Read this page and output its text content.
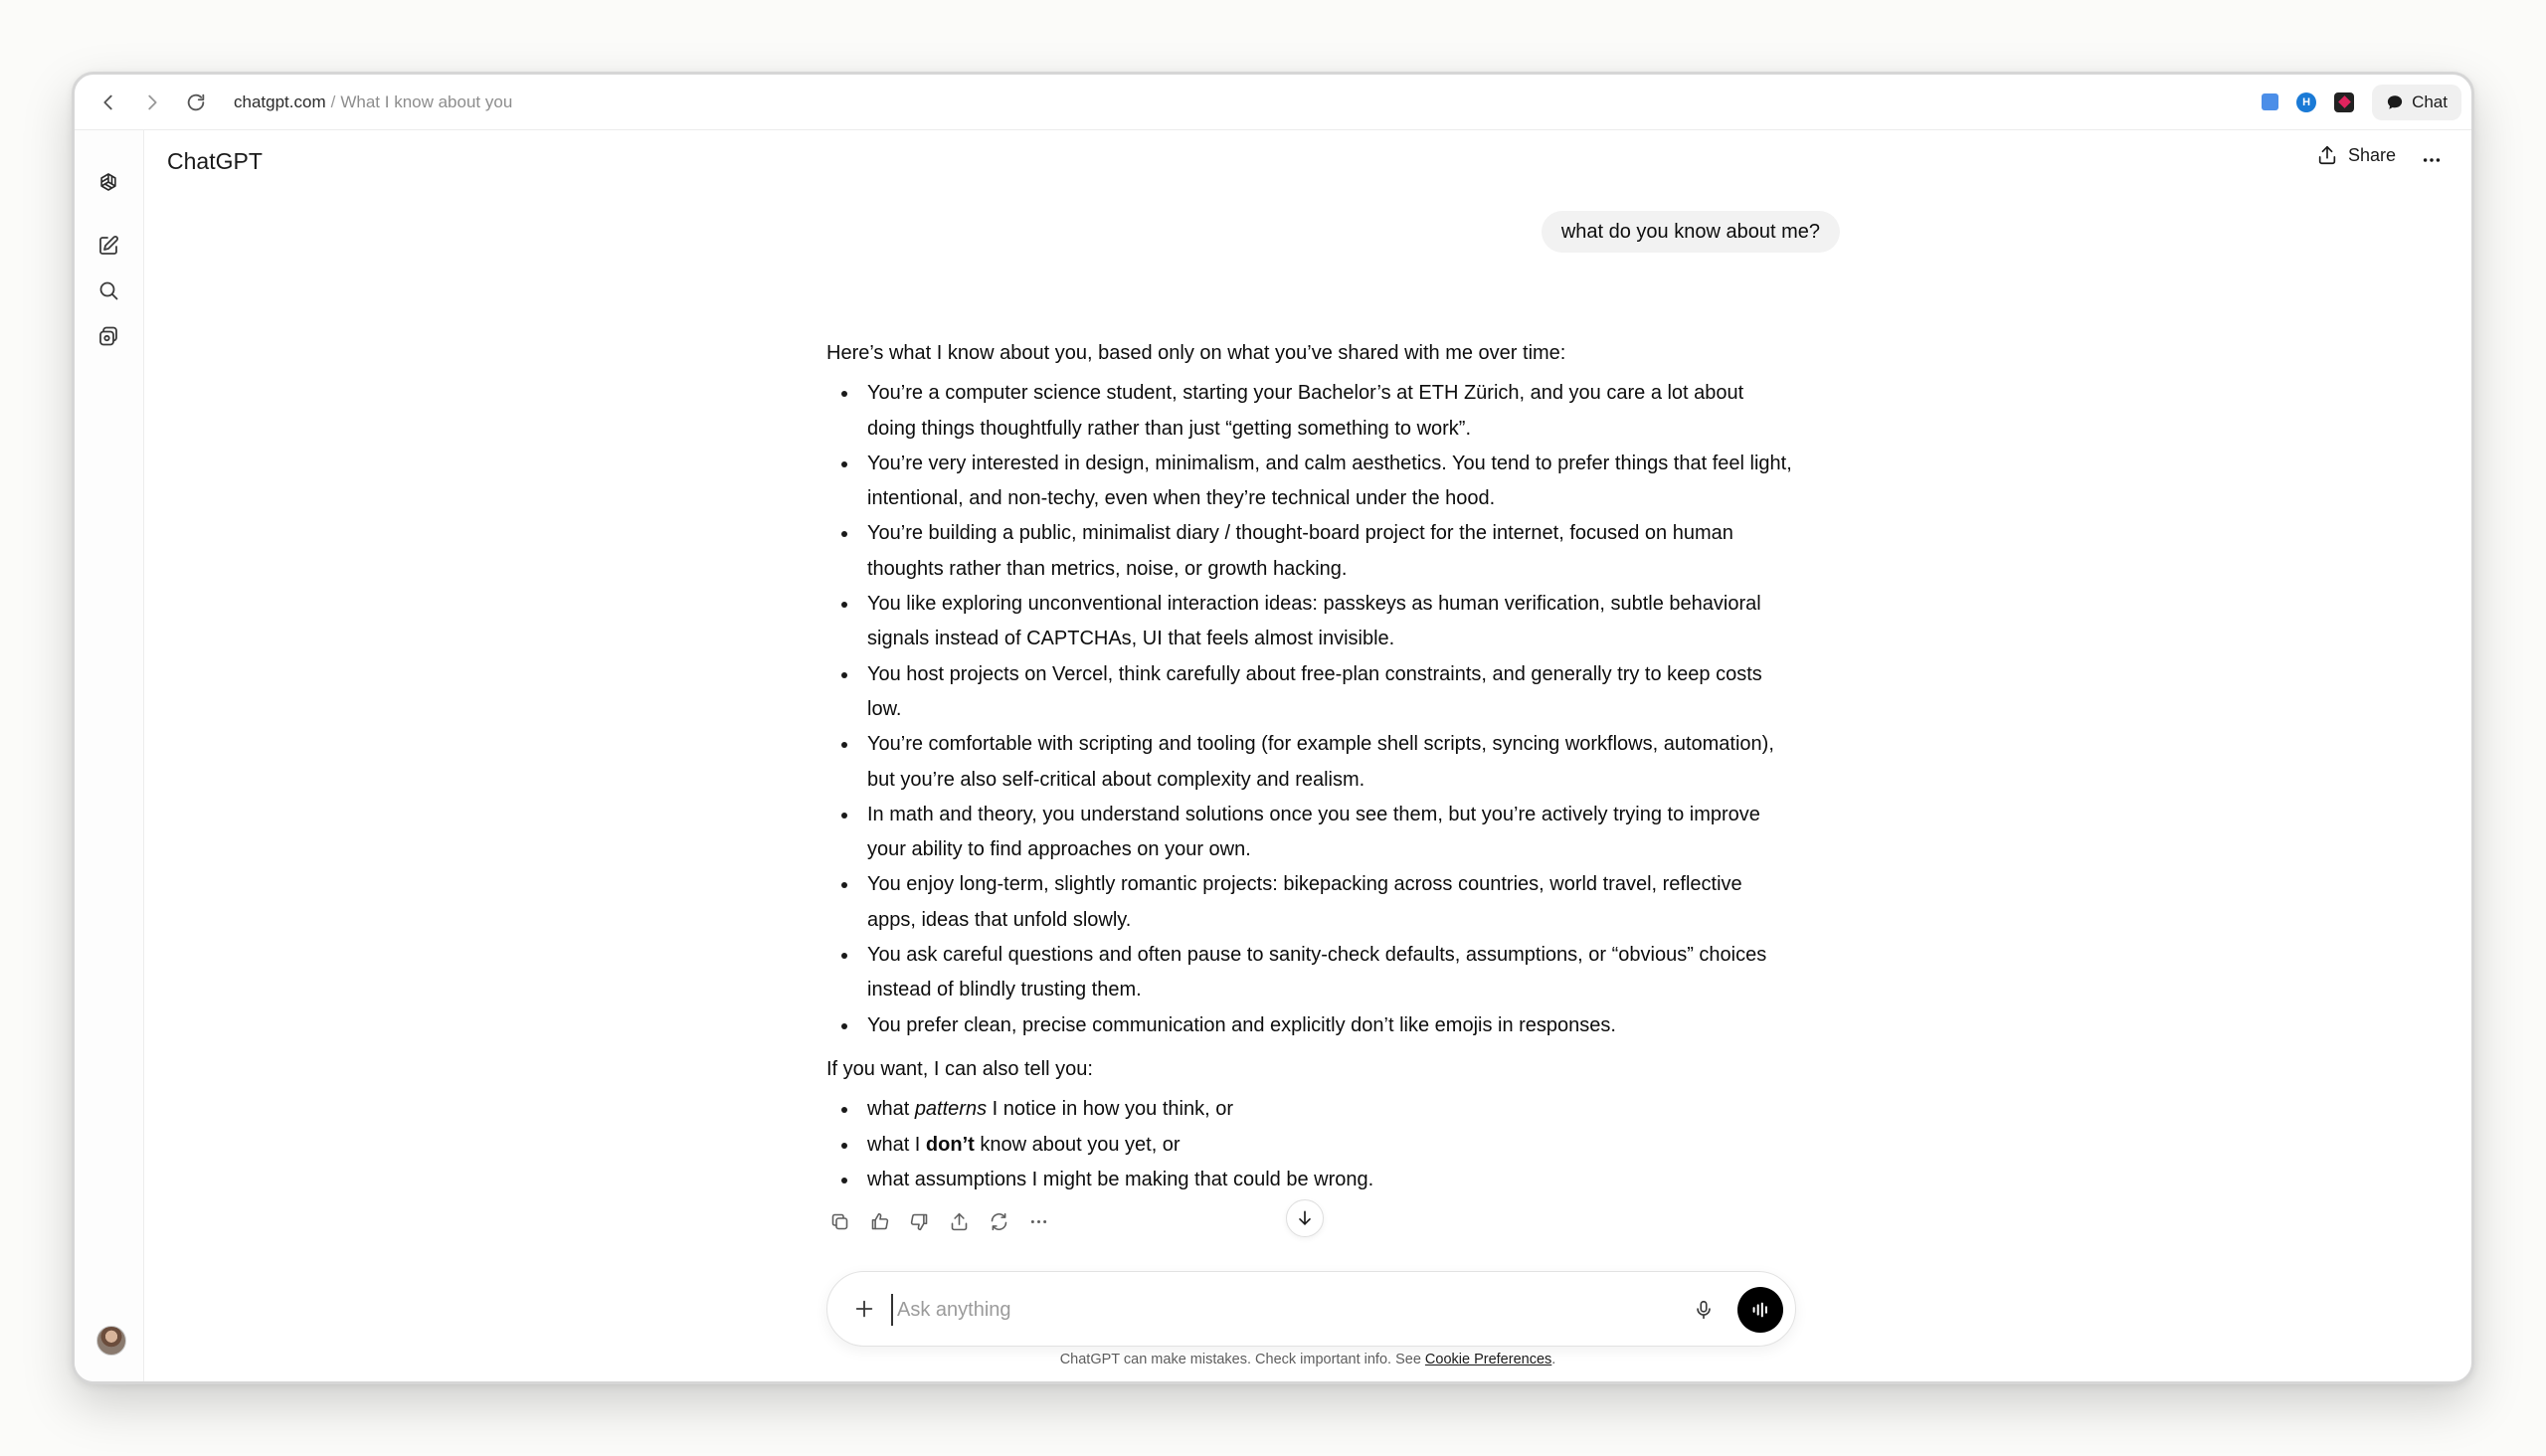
chatgpt.com / What I know about you	H	Chat
ChatGPT	Share
what do you know about me?

Here’s what I know about you, based only on what you’ve shared with me over time:

You’re a computer science student, starting your Bachelor’s at ETH Zürich, and you care a lot about doing things thoughtfully rather than just “getting something to work”.
You’re very interested in design, minimalism, and calm aesthetics. You tend to prefer things that feel light, intentional, and non-techy, even when they’re technical under the hood.
You’re building a public, minimalist diary / thought-board project for the internet, focused on human thoughts rather than metrics, noise, or growth hacking.
You like exploring unconventional interaction ideas: passkeys as human verification, subtle behavioral signals instead of CAPTCHAs, UI that feels almost invisible.
You host projects on Vercel, think carefully about free-plan constraints, and generally try to keep costs low.
You’re comfortable with scripting and tooling (for example shell scripts, syncing workflows, automation), but you’re also self-critical about complexity and realism.
In math and theory, you understand solutions once you see them, but you’re actively trying to improve your ability to find approaches on your own.
You enjoy long-term, slightly romantic projects: bikepacking across countries, world travel, reflective apps, ideas that unfold slowly.
You ask careful questions and often pause to sanity-check defaults, assumptions, or “obvious” choices instead of blindly trusting them.
You prefer clean, precise communication and explicitly don’t like emojis in responses.

If you want, I can also tell you:

what patterns I notice in how you think, or
what I don’t know about you yet, or
what assumptions I might be making that could be wrong.
Ask anything
ChatGPT can make mistakes. Check important info. See Cookie Preferences.
